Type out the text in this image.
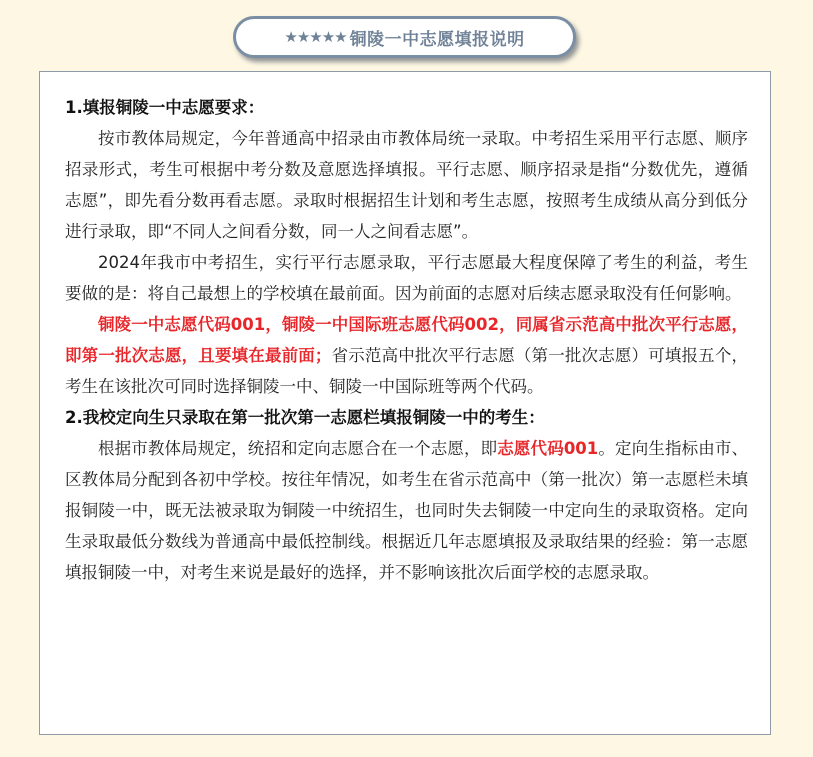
★★★★★ 铜陵一中志愿填报说明

1.填报铜陵一中志愿要求：

按市教体局规定，今年普通高中招录由市教体局统一录取。中考招生采用平行志愿、顺序招录形式，考生可根据中考分数及意愿选择填报。平行志愿、顺序招录是指“分数优先，遵循志愿”，即先看分数再看志愿。录取时根据招生计划和考生志愿，按照考生成绩从高分到低分进行录取，即“不同人之间看分数，同一人之间看志愿”。

2024年我市中考招生，实行平行志愿录取，平行志愿最大程度保障了考生的利益，考生要做的是：将自己最想上的学校填在最前面。因为前面的志愿对后续志愿录取没有任何影响。

铜陵一中志愿代码001，铜陵一中国际班志愿代码002，同属省示范高中批次平行志愿，即第一批次志愿，且要填在最前面；省示范高中批次平行志愿（第一批次志愿）可填报五个，考生在该批次可同时选择铜陵一中、铜陵一中国际班等两个代码。

2.我校定向生只录取在第一批次第一志愿栏填报铜陵一中的考生：

根据市教体局规定，统招和定向志愿合在一个志愿，即志愿代码001。定向生指标由市、区教体局分配到各初中学校。按往年情况，如考生在省示范高中（第一批次）第一志愿栏未填报铜陵一中，既无法被录取为铜陵一中统招生，也同时失去铜陵一中定向生的录取资格。定向生录取最低分数线为普通高中最低控制线。根据近几年志愿填报及录取结果的经验：第一志愿填报铜陵一中，对考生来说是最好的选择，并不影响该批次后面学校的志愿录取。
